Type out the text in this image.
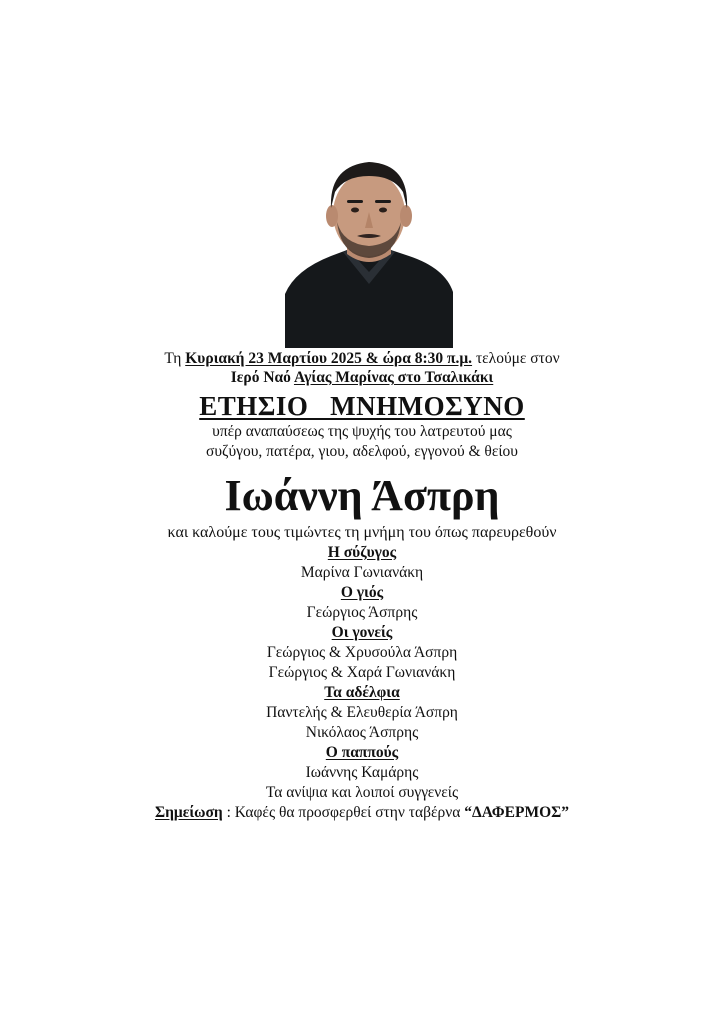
Τη Κυριακή 23 Μαρτίου 2025 & ώρα 8:30 π.μ. τελούμε στον

Ιερό Ναό Αγίας Μαρίνας στο Τσαλικάκι

ΕΤΗΣΙΟ   ΜΝΗΜΟΣΥΝΟ

υπέρ αναπαύσεως της ψυχής του λατρευτού μας

συζύγου, πατέρα, γιου, αδελφού, εγγονού & θείου

Ιωάννη Άσπρη

και καλούμε τους τιμώντες τη μνήμη του όπως παρευρεθούν

Η σύζυγος

Μαρίνα Γωνιανάκη

Ο γιός

Γεώργιος Άσπρης

Οι γονείς

Γεώργιος & Χρυσούλα Άσπρη

Γεώργιος & Χαρά Γωνιανάκη

Τα αδέλφια

Παντελής & Ελευθερία Άσπρη

Νικόλαος Άσπρης

Ο παππούς

Ιωάννης Καμάρης

Τα ανίψια και λοιποί συγγενείς

Σημείωση : Καφές θα προσφερθεί στην ταβέρνα “ΔΑΦΕΡΜΟΣ”
